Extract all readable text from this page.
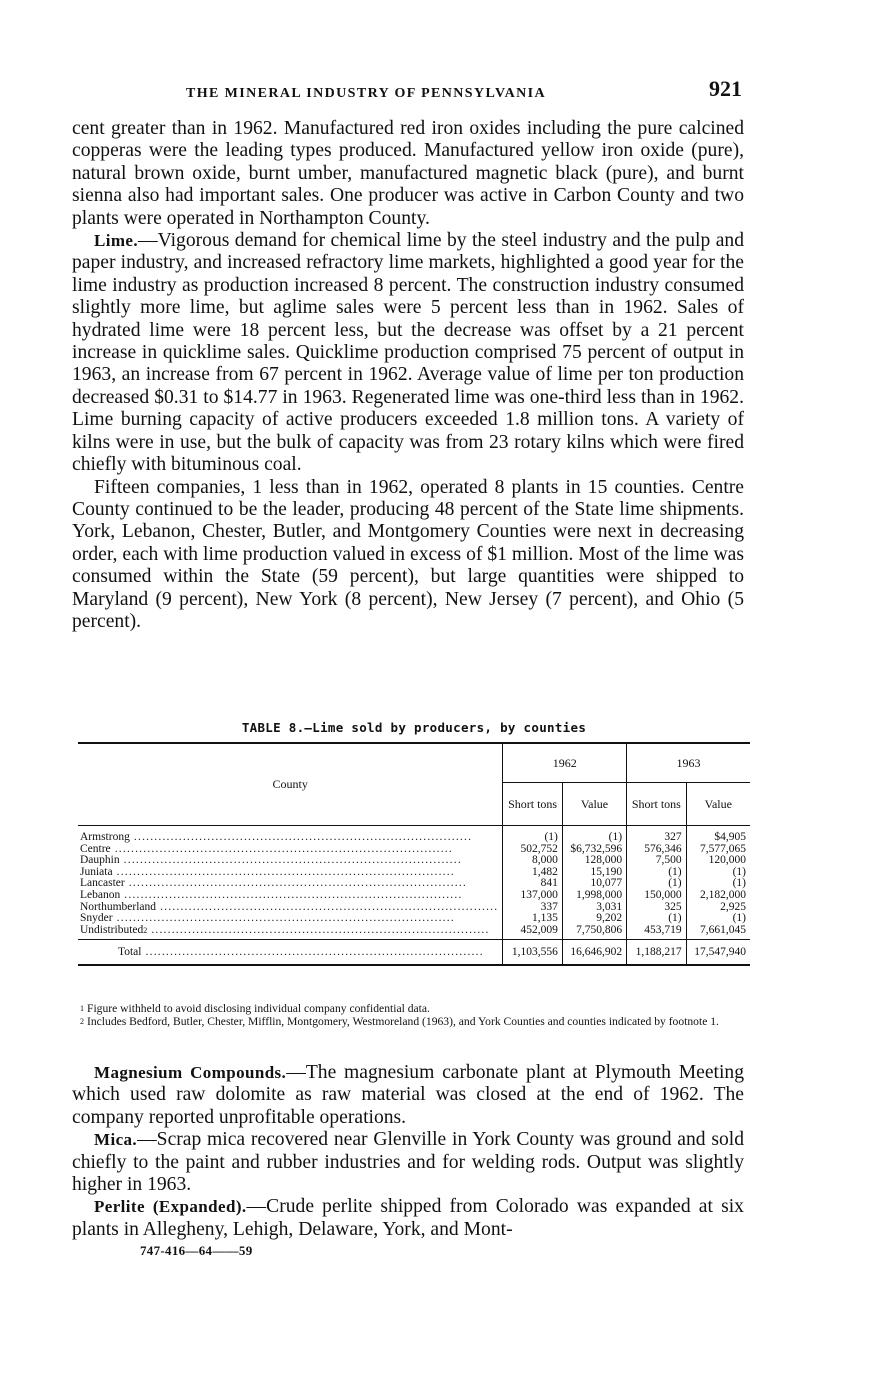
THE MINERAL INDUSTRY OF PENNSYLVANIA	921

cent greater than in 1962. Manufactured red iron oxides including the pure calcined copperas were the leading types produced. Manufactured yellow iron oxide (pure), natural brown oxide, burnt umber, manufactured magnetic black (pure), and burnt sienna also had important sales. One producer was active in Carbon County and two plants were operated in Northampton County.

Lime.—Vigorous demand for chemical lime by the steel industry and the pulp and paper industry, and increased refractory lime markets, highlighted a good year for the lime industry as production increased 8 percent. The construction industry consumed slightly more lime, but aglime sales were 5 percent less than in 1962. Sales of hydrated lime were 18 percent less, but the decrease was offset by a 21 percent increase in quicklime sales. Quicklime production comprised 75 percent of output in 1963, an increase from 67 percent in 1962. Average value of lime per ton production decreased $0.31 to $14.77 in 1963. Regenerated lime was one-third less than in 1962. Lime burning capacity of active producers exceeded 1.8 million tons. A variety of kilns were in use, but the bulk of capacity was from 23 rotary kilns which were fired chiefly with bituminous coal.

Fifteen companies, 1 less than in 1962, operated 8 plants in 15 counties. Centre County continued to be the leader, producing 48 percent of the State lime shipments. York, Lebanon, Chester, Butler, and Montgomery Counties were next in decreasing order, each with lime production valued in excess of $1 million. Most of the lime was consumed within the State (59 percent), but large quantities were shipped to Maryland (9 percent), New York (8 percent), New Jersey (7 percent), and Ohio (5 percent).

TABLE 8.—Lime sold by producers, by counties
County	1962		1963	
	Short tons	Value	Short tons	Value

Armstrong .....	(1)	(1)	327	$4,905
Centre .....	502,752	$6,732,596	576,346	7,577,065
Dauphin .....	8,000	128,000	7,500	120,000
Juniata .....	1,482	15,190	(1)	(1)
Lancaster .....	841	10,077	(1)	(1)
Lebanon .....	137,000	1,998,000	150,000	2,182,000
Northumberland .....	337	3,031	325	2,925
Snyder .....	1,135	9,202	(1)	(1)
Undistributed$^2$ .....	452,009	7,750,806	453,719	7,661,045
Total .....	1,103,556	16,646,902	1,188,217	17,547,940

$^1$ Figure withheld to avoid disclosing individual company confidential data.

$^2$ Includes Bedford, Butler, Chester, Mifflin, Montgomery, Westmoreland (1963), and York Counties and counties indicated by footnote 1.

Magnesium Compounds.—The magnesium carbonate plant at Plymouth Meeting which used raw dolomite as raw material was closed at the end of 1962. The company reported unprofitable operations.

Mica.—Scrap mica recovered near Glenville in York County was ground and sold chiefly to the paint and rubber industries and for welding rods. Output was slightly higher in 1963.

Perlite (Expanded).—Crude perlite shipped from Colorado was expanded at six plants in Allegheny, Lehigh, Delaware, York, and Mont-

747-416—64——59
